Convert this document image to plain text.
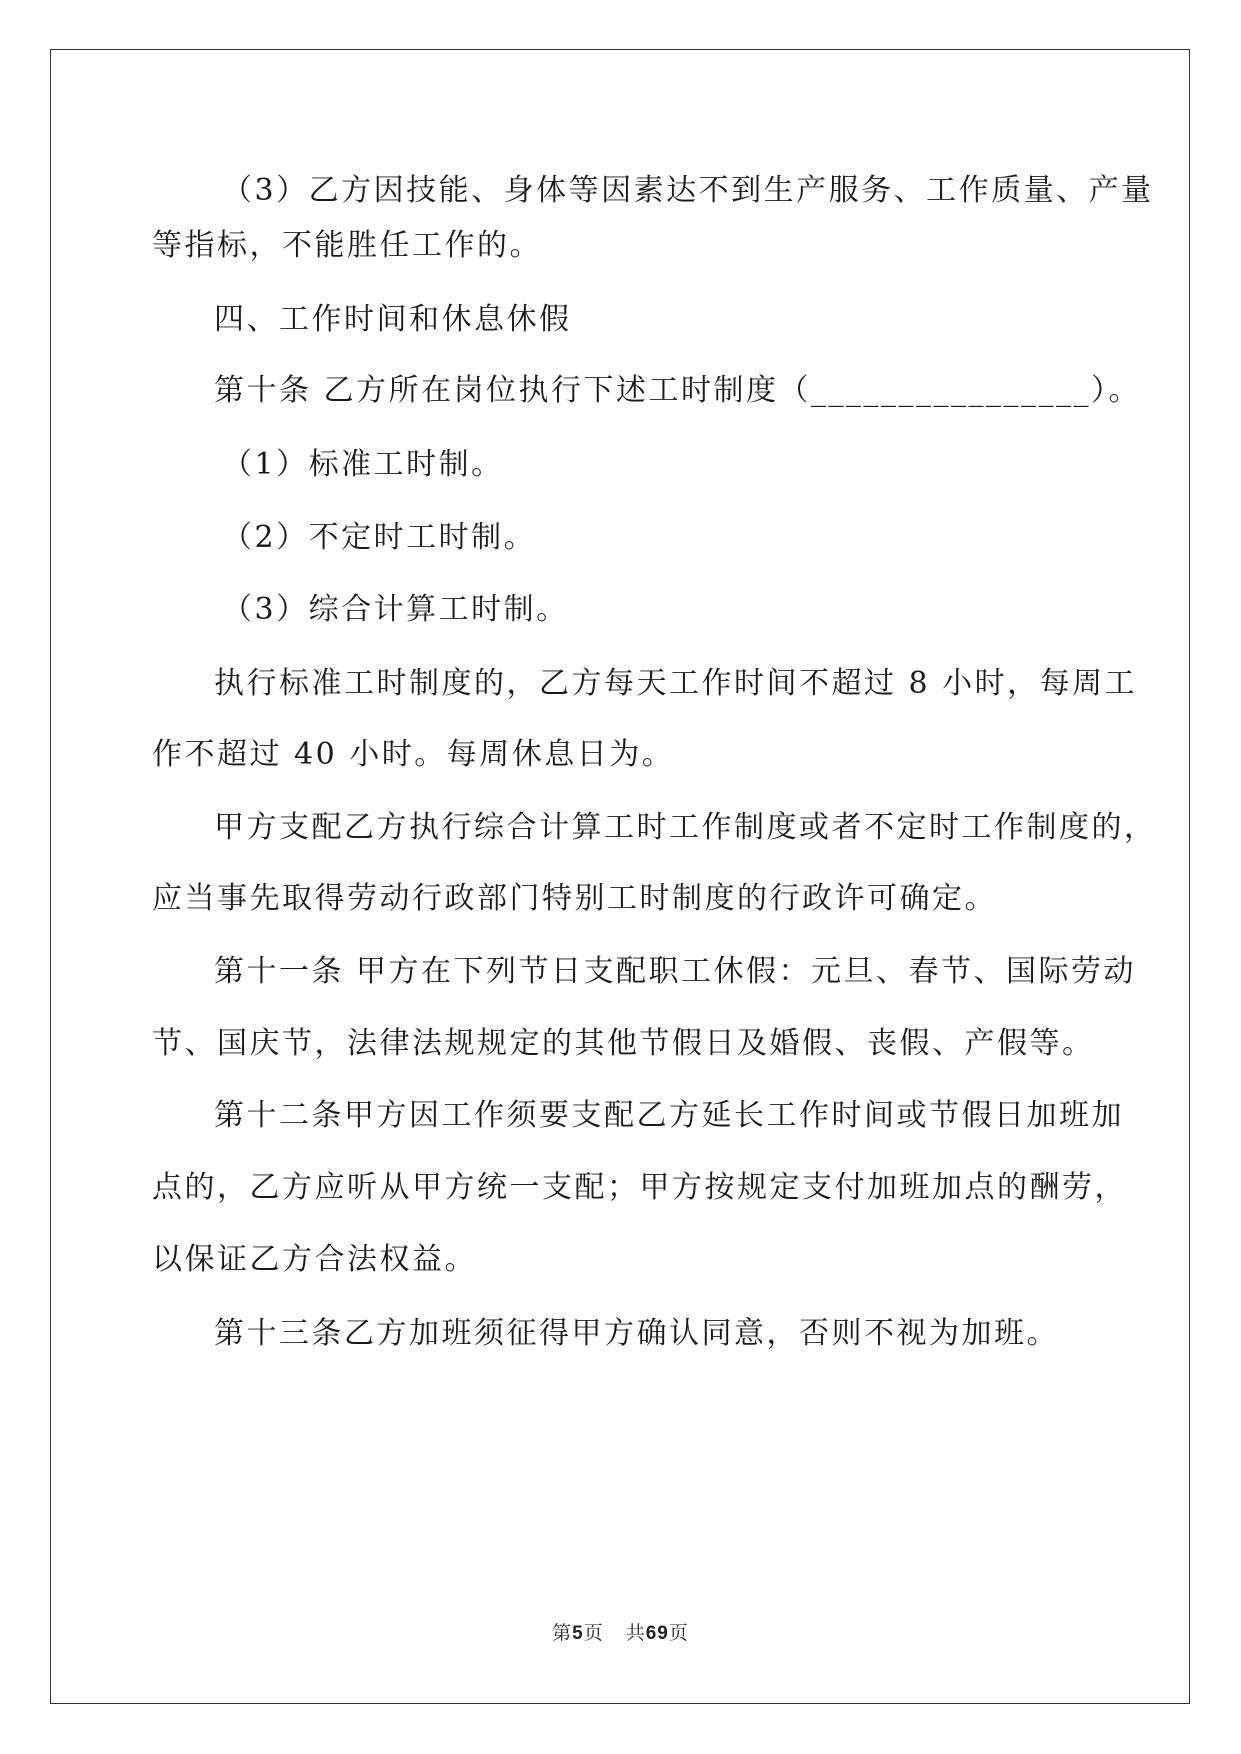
（3）乙方因技能、身体等因素达不到生产服务、工作质量、产量
等指标，不能胜任工作的。
四、工作时间和休息休假
第十条 乙方所在岗位执行下述工时制度（________________）。
（1）标准工时制。
（2）不定时工时制。
（3）综合计算工时制。
执行标准工时制度的，乙方每天工作时间不超过 8 小时，每周工
作不超过 40 小时。每周休息日为。
甲方支配乙方执行综合计算工时工作制度或者不定时工作制度的，
应当事先取得劳动行政部门特别工时制度的行政许可确定。
第十一条 甲方在下列节日支配职工休假：元旦、春节、国际劳动
节、国庆节，法律法规规定的其他节假日及婚假、丧假、产假等。
第十二条甲方因工作须要支配乙方延长工作时间或节假日加班加
点的，乙方应听从甲方统一支配；甲方按规定支付加班加点的酬劳，
以保证乙方合法权益。
第十三条乙方加班须征得甲方确认同意，否则不视为加班。
第5页 共69页
